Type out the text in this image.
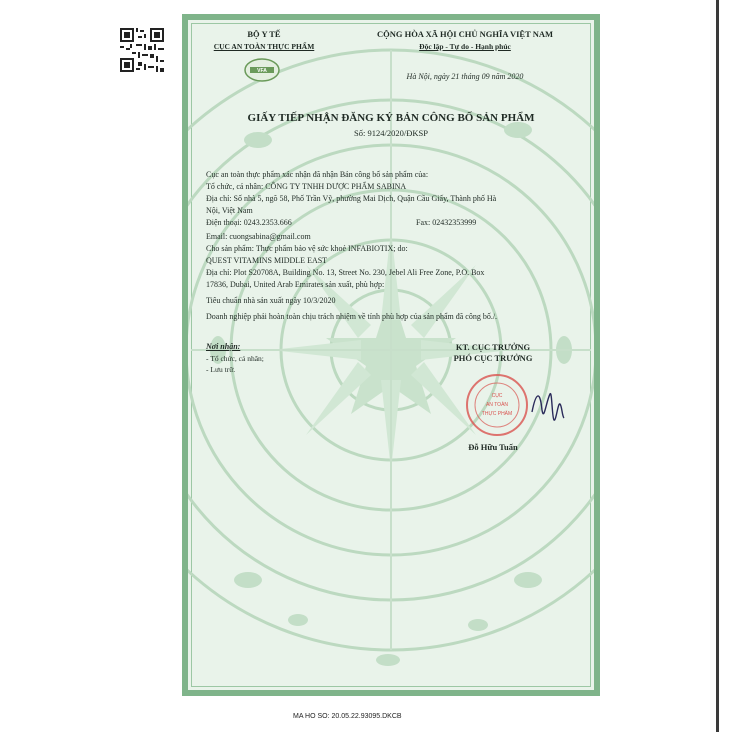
VFA
BỘ Y TẾ
CỤC AN TOÀN THỰC PHẨM
CỘNG HÒA XÃ HỘI CHỦ NGHĨA VIỆT NAM
Độc lập - Tự do - Hạnh phúc
Hà Nội, ngày 21 tháng 09 năm 2020
GIẤY TIẾP NHẬN ĐĂNG KÝ BẢN CÔNG BỐ SẢN PHẨM
Số: 9124/2020/ĐKSP
Cục an toàn thực phẩm xác nhận đã nhận Bản công bố sản phẩm của:
Tổ chức, cá nhân: CÔNG TY TNHH DƯỢC PHẨM SABINA
Địa chỉ: Số nhà 5, ngõ 58, Phố Trần Vỹ, phường Mai Dịch, Quận Cầu Giấy, Thành phố Hà
Nội, Việt Nam
Điện thoại: 0243.2353.666	Fax: 02432353999
Email: cuongsabina@gmail.com
Cho sản phẩm: Thực phẩm bảo vệ sức khoẻ INFABIOTIX; do:
QUEST VITAMINS MIDDLE EAST
Địa chỉ: Plot S20708A, Building No. 13, Street No. 230, Jebel Ali Free Zone, P.O. Box
17836, Dubai, United Arab Emirates sản xuất, phù hợp:
Tiêu chuẩn nhà sản xuất ngày 10/3/2020
Doanh nghiệp phải hoàn toàn chịu trách nhiệm về tính phù hợp của sản phẩm đã công bố./.
Nơi nhận:
- Tổ chức, cá nhân;
- Lưu trữ.
KT. CỤC TRƯỞNG
PHÓ CỤC TRƯỞNG
CỤC
AN TOÀN
THỰC PHẨM
Đỗ Hữu Tuấn
MA HO SO: 20.05.22.93095.DKCB
